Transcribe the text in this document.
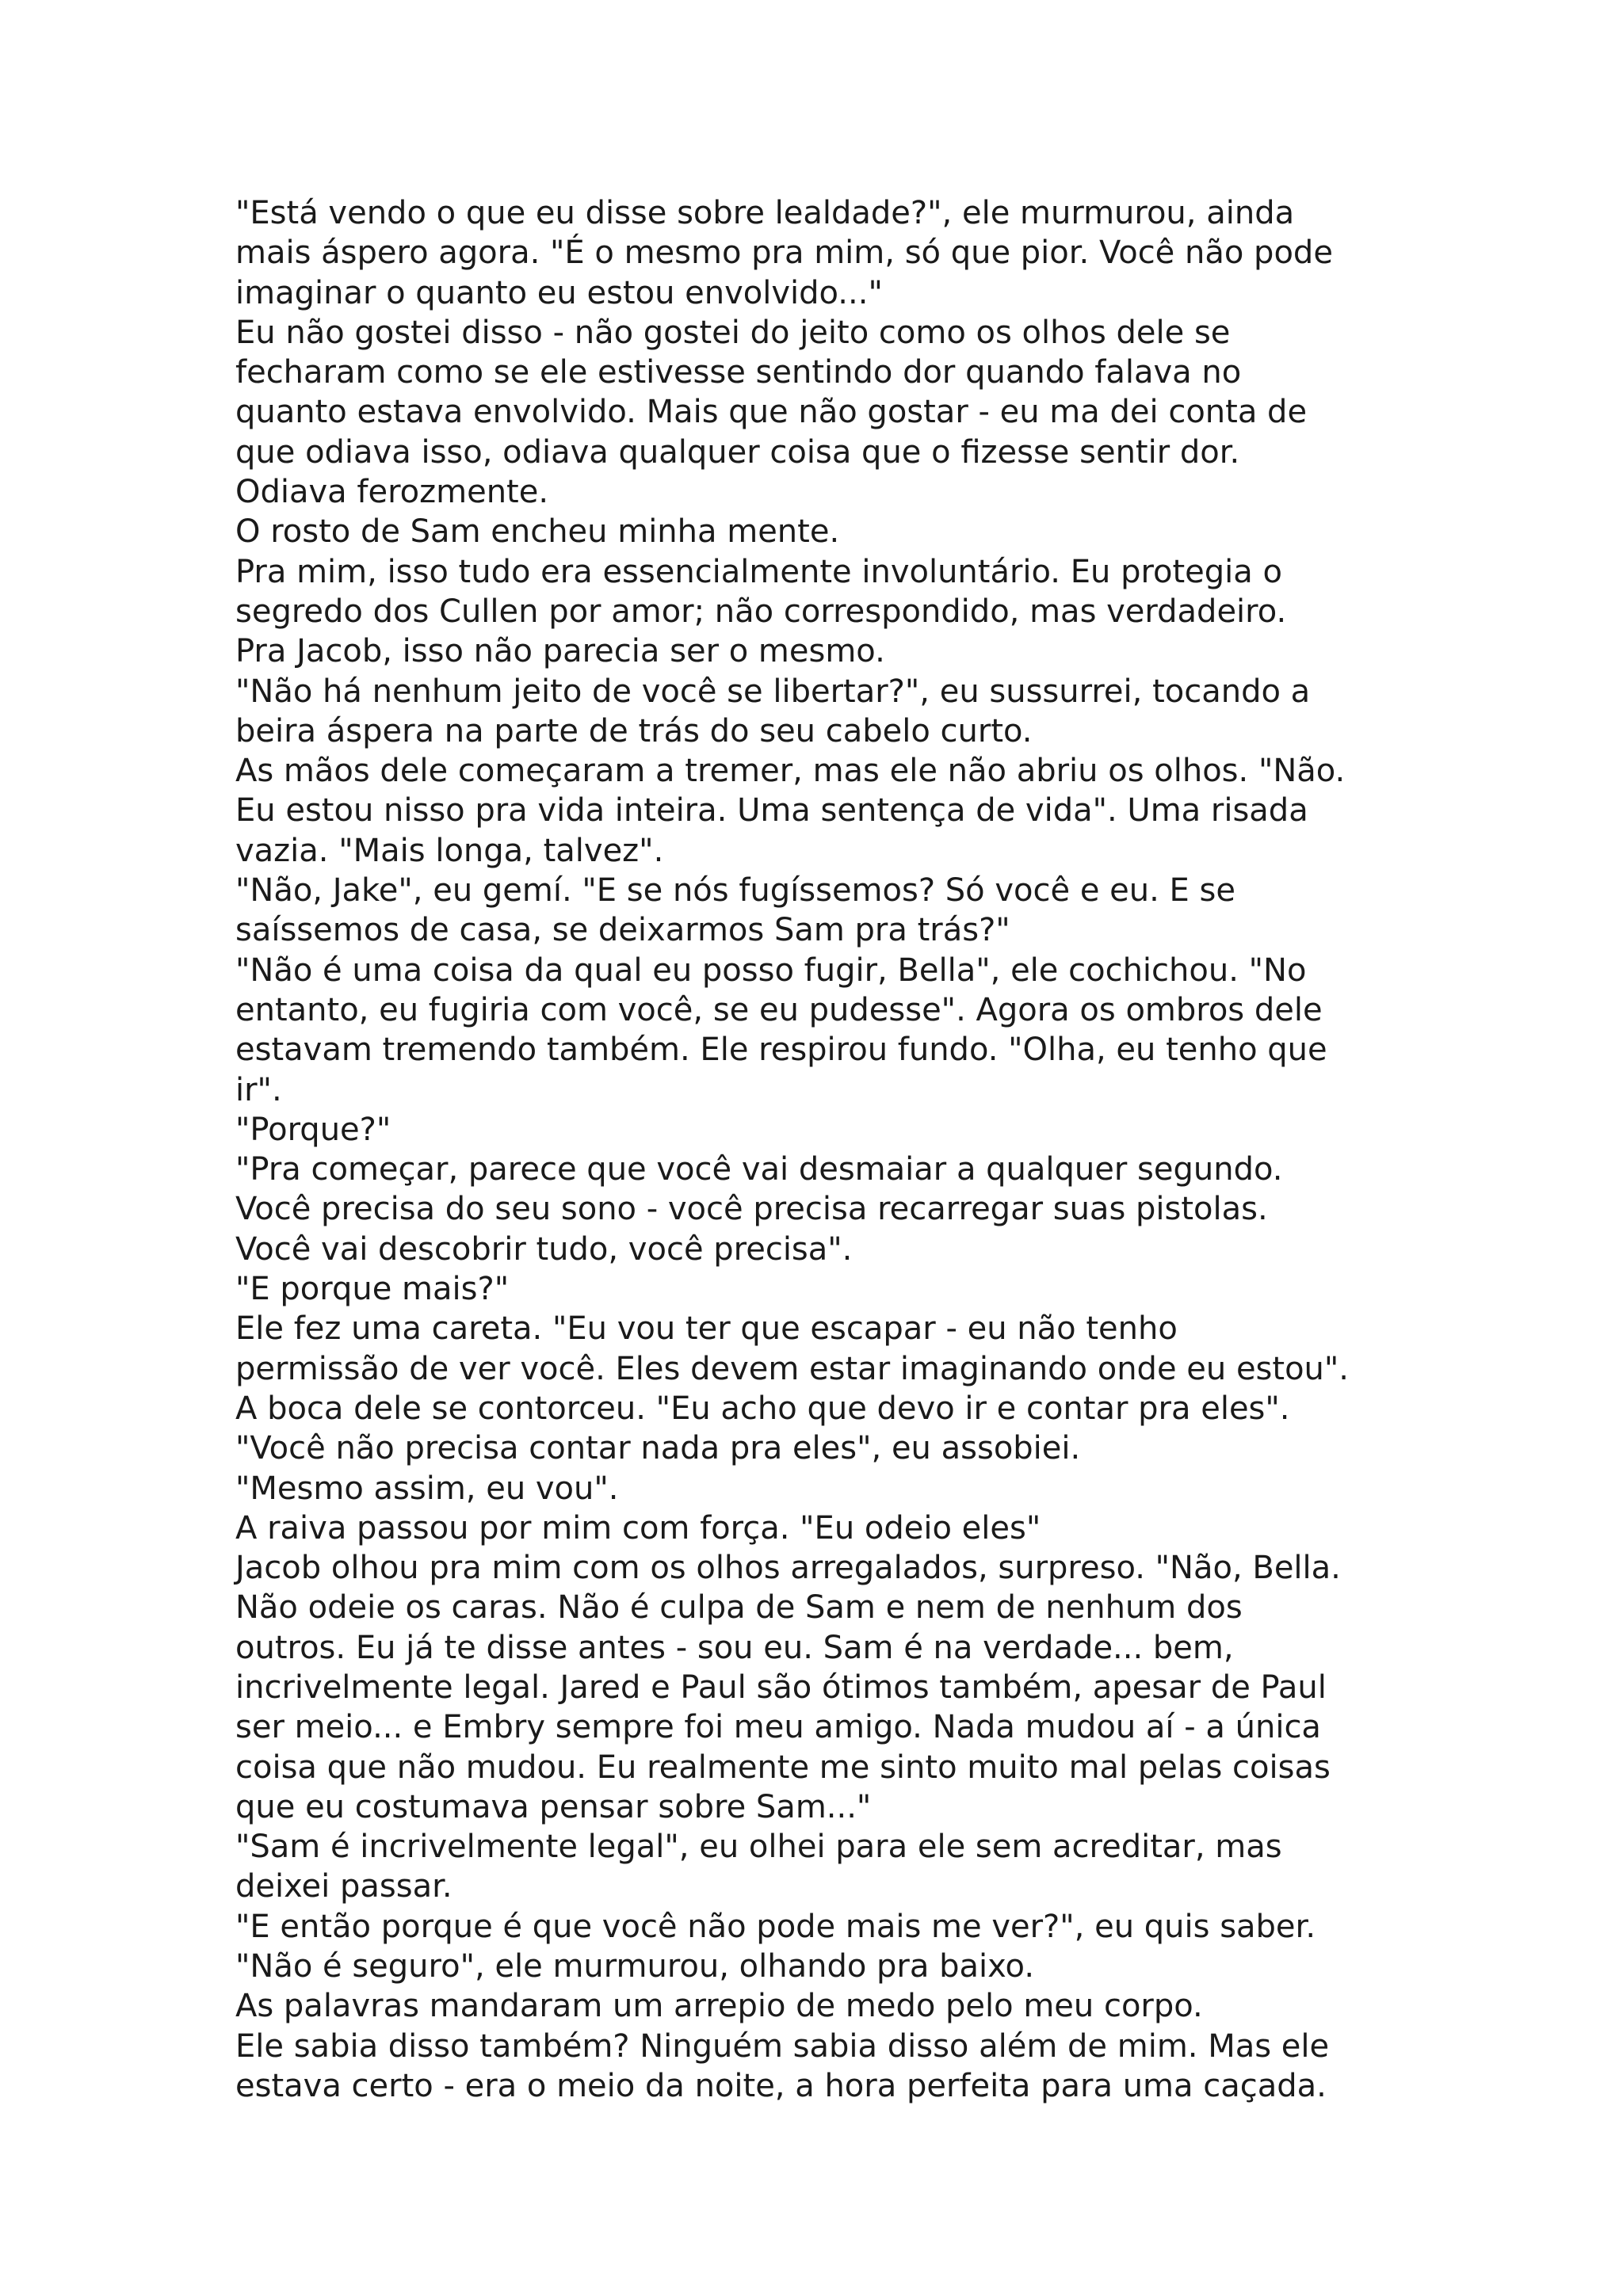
"Está vendo o que eu disse sobre lealdade?", ele murmurou, ainda
mais áspero agora. "É o mesmo pra mim, só que pior. Você não pode
imaginar o quanto eu estou envolvido..."
Eu não gostei disso - não gostei do jeito como os olhos dele se
fecharam como se ele estivesse sentindo dor quando falava no
quanto estava envolvido. Mais que não gostar - eu ma dei conta de
que odiava isso, odiava qualquer coisa que o fizesse sentir dor.
Odiava ferozmente.
O rosto de Sam encheu minha mente.
Pra mim, isso tudo era essencialmente involuntário. Eu protegia o
segredo dos Cullen por amor; não correspondido, mas verdadeiro.
Pra Jacob, isso não parecia ser o mesmo.
"Não há nenhum jeito de você se libertar?", eu sussurrei, tocando a
beira áspera na parte de trás do seu cabelo curto.
As mãos dele começaram a tremer, mas ele não abriu os olhos. "Não.
Eu estou nisso pra vida inteira. Uma sentença de vida". Uma risada
vazia. "Mais longa, talvez".
"Não, Jake", eu gemí. "E se nós fugíssemos? Só você e eu. E se
saíssemos de casa, se deixarmos Sam pra trás?"
"Não é uma coisa da qual eu posso fugir, Bella", ele cochichou. "No
entanto, eu fugiria com você, se eu pudesse". Agora os ombros dele
estavam tremendo também. Ele respirou fundo. "Olha, eu tenho que
ir".
"Porque?"
"Pra começar, parece que você vai desmaiar a qualquer segundo.
Você precisa do seu sono - você precisa recarregar suas pistolas.
Você vai descobrir tudo, você precisa".
"E porque mais?"
Ele fez uma careta. "Eu vou ter que escapar - eu não tenho
permissão de ver você. Eles devem estar imaginando onde eu estou".
A boca dele se contorceu. "Eu acho que devo ir e contar pra eles".
"Você não precisa contar nada pra eles", eu assobiei.
"Mesmo assim, eu vou".
A raiva passou por mim com força. "Eu odeio eles"
Jacob olhou pra mim com os olhos arregalados, surpreso. "Não, Bella.
Não odeie os caras. Não é culpa de Sam e nem de nenhum dos
outros. Eu já te disse antes - sou eu. Sam é na verdade... bem,
incrivelmente legal. Jared e Paul são ótimos também, apesar de Paul
ser meio... e Embry sempre foi meu amigo. Nada mudou aí - a única
coisa que não mudou. Eu realmente me sinto muito mal pelas coisas
que eu costumava pensar sobre Sam..."
"Sam é incrivelmente legal", eu olhei para ele sem acreditar, mas
deixei passar.
"E então porque é que você não pode mais me ver?", eu quis saber.
"Não é seguro", ele murmurou, olhando pra baixo.
As palavras mandaram um arrepio de medo pelo meu corpo.
Ele sabia disso também? Ninguém sabia disso além de mim. Mas ele
estava certo - era o meio da noite, a hora perfeita para uma caçada.
